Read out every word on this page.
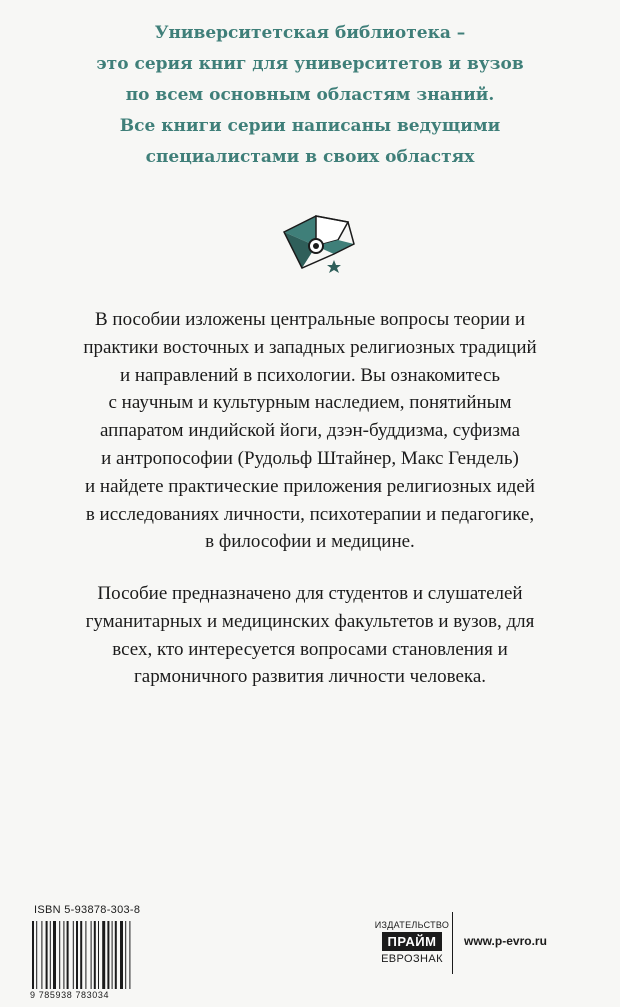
Университетская библиотека –
это серия книг для университетов и вузов
по всем основным областям знаний.
Все книги серии написаны ведущими
специалистами в своих областях
В пособии изложены центральные вопросы теории и
практики восточных и западных религиозных традиций
и направлений в психологии. Вы ознакомитесь
с научным и культурным наследием, понятийным
аппаратом индийской йоги, дзэн-буддизма, суфизма
и антропософии (Рудольф Штайнер, Макс Гендель)
и найдете практические приложения религиозных идей
в исследованиях личности, психотерапии и педагогике,
в философии и медицине.
Пособие предназначено для студентов и слушателей
гуманитарных и медицинских факультетов и вузов, для
всех, кто интересуется вопросами становления и
гармоничного развития личности человека.
ISBN 5-93878-303-8
9 785938 783034
ИЗДАТЕЛЬСТВО
ПРАЙМ
ЕВРОЗНАК
www.p-evro.ru
